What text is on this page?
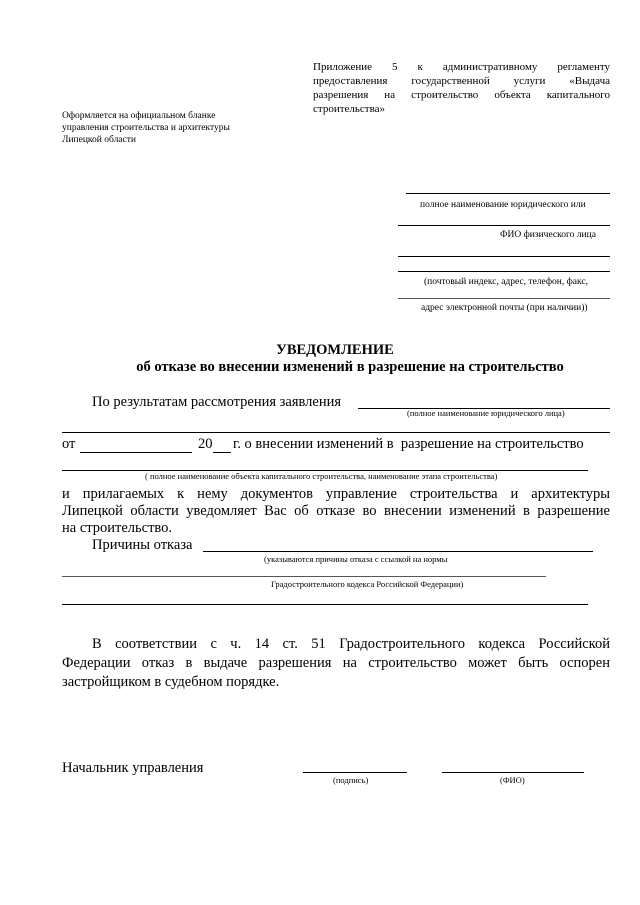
Приложение 5 к административному регламенту
предоставления государственной услуги «Выдача
разрешения на строительство объекта капитального
строительства»
Оформляется на официальном бланке
управления строительства и архитектуры
Липецкой области
полное наименование юридического или
ФИО физического лица
(почтовый индекс, адрес, телефон, факс,
адрес электронной почты (при наличии))
УВЕДОМЛЕНИЕ
об отказе во внесении изменений в разрешение на строительство
По результатам рассмотрения заявления
(полное наименование юридического лица)
от	20 г. о внесении изменений в  разрешение на строительство
( полное наименование объекта капитального строительства, наименование этапа строительства)
и прилагаемых к нему документов управление строительства и архитектуры
Липецкой области уведомляет Вас об отказе во внесении изменений в разрешение
на строительство.
Причины отказа
(указываются причины отказа с ссылкой на нормы
Градостроительного кодекса Российской Федерации)
В соответствии с ч. 14 ст. 51 Градостроительного кодекса Российской
Федерации отказ в выдаче разрешения на строительство может быть оспорен
застройщиком в судебном порядке.
Начальник управления
(подпись)	(ФИО)
